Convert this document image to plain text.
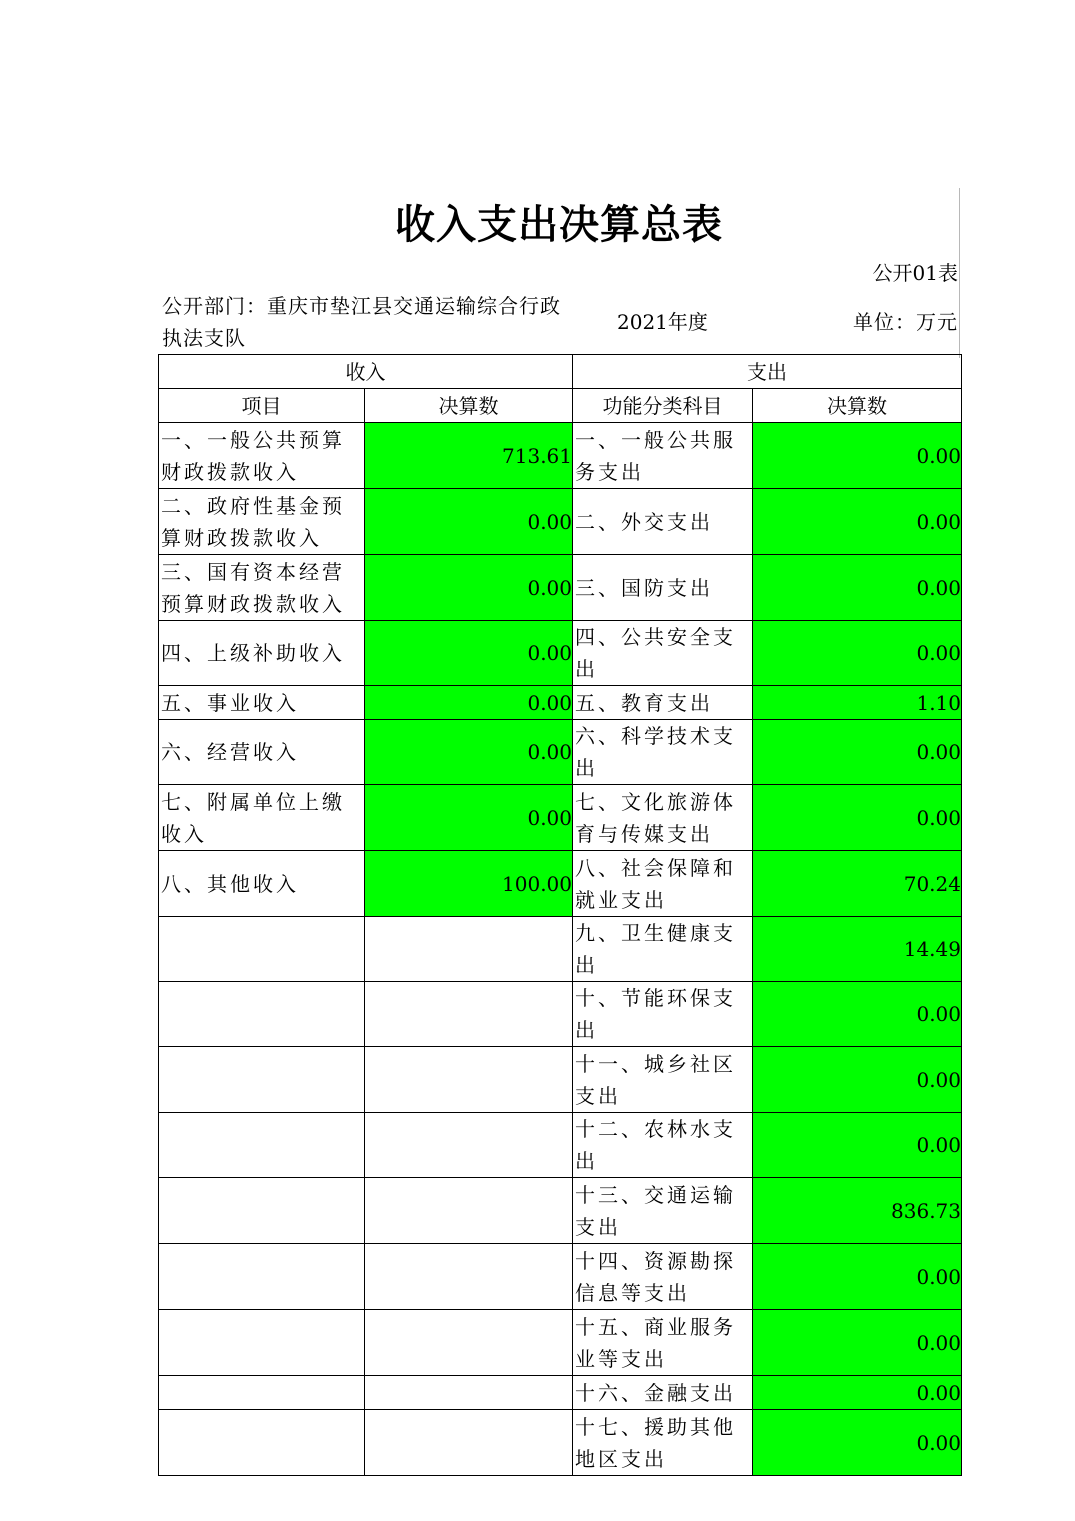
收入支出决算总表
公开01表
公开部门：重庆市垫江县交通运输综合行政执法支队
2021年度	单位：万元
收入		支出	
项目	决算数	功能分类科目	决算数
一、一般公共预算财政拨款收入	713.61	一、一般公共服务支出	0.00
二、政府性基金预算财政拨款收入	0.00	二、外交支出	0.00
三、国有资本经营预算财政拨款收入	0.00	三、国防支出	0.00
四、上级补助收入	0.00	四、公共安全支出	0.00
五、事业收入	0.00	五、教育支出	1.10
六、经营收入	0.00	六、科学技术支出	0.00
七、附属单位上缴收入	0.00	七、文化旅游体育与传媒支出	0.00
八、其他收入	100.00	八、社会保障和就业支出	70.24
		九、卫生健康支出	14.49
		十、节能环保支出	0.00
		十一、城乡社区支出	0.00
		十二、农林水支出	0.00
		十三、交通运输支出	836.73
		十四、资源勘探信息等支出	0.00
		十五、商业服务业等支出	0.00
		十六、金融支出	0.00
		十七、援助其他地区支出	0.00
